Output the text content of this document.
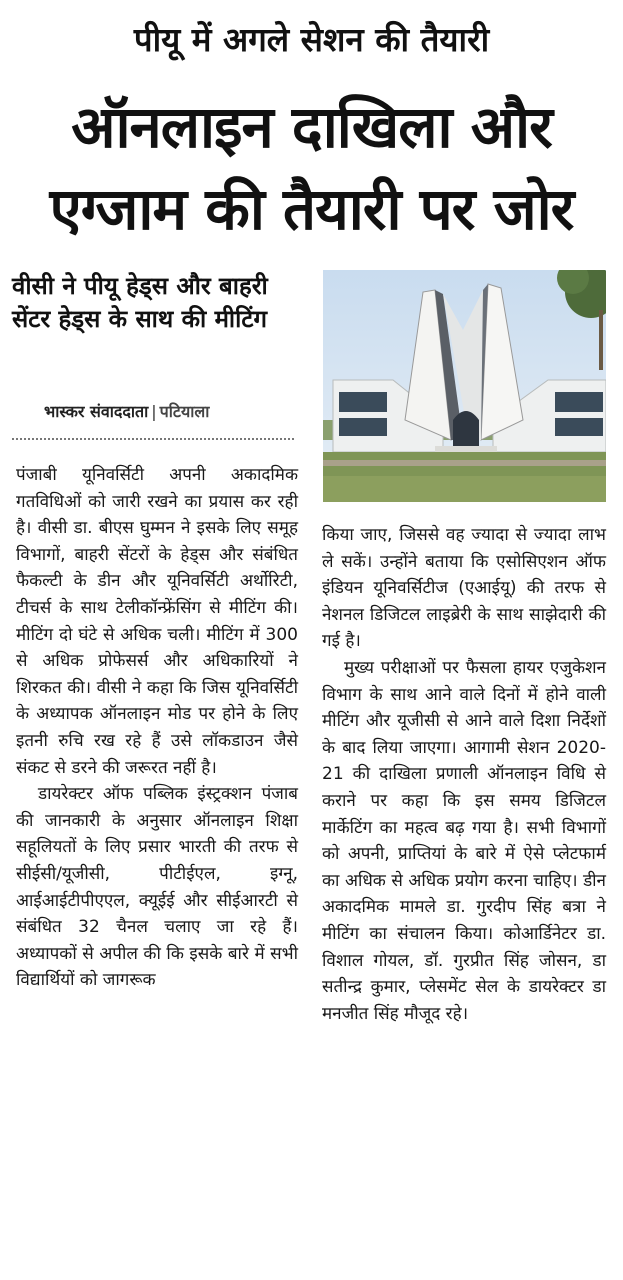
पीयू में अगले सेशन की तैयारी
ऑनलाइन दाखिला और
एग्जाम की तैयारी पर जोर
वीसी ने पीयू हेड्स और बाहरी सेंटर हेड्स के साथ की मीटिंग
भास्कर संवाददाता | पटियाला

पंजाबी यूनिवर्सिटी अपनी अकादमिक गतविधिओं को जारी रखने का प्रयास कर रही है। वीसी डा. बीएस घुम्मन ने इसके लिए समूह विभागों, बाहरी सेंटरों के हेड्स और संबंधित फैकल्टी के डीन और यूनिवर्सिटी अर्थोरिटी, टीचर्स के साथ टेलीकॉन्फ्रेंसिंग से मीटिंग की। मीटिंग दो घंटे से अधिक चली। मीटिंग में 300 से अधिक प्रोफेसर्स और अधिकारियों ने शिरकत की। वीसी ने कहा कि जिस यूनिवर्सिटी के अध्यापक ऑनलाइन मोड पर होने के लिए इतनी रुचि रख रहे हैं उसे लॉकडाउन जैसे संकट से डरने की जरूरत नहीं है।

डायरेक्टर ऑफ पब्लिक इंस्ट्रक्शन पंजाब की जानकारी के अनुसार ऑनलाइन शिक्षा सहूलियतों के लिए प्रसार भारती की तरफ से सीईसी/यूजीसी, पीटीईएल, इग्नू, आईआईटीपीएएल, क्यूईई और सीईआरटी से संबंधित 32 चैनल चलाए जा रहे हैं। अध्यापकों से अपील की कि इसके बारे में सभी विद्यार्थियों को जागरूक

किया जाए, जिससे वह ज्यादा से ज्यादा लाभ ले सकें। उन्होंने बताया कि एसोसिएशन ऑफ इंडियन यूनिवर्सिटीज (एआईयू) की तरफ से नेशनल डिजिटल लाइब्रेरी के साथ साझेदारी की गई है।

मुख्य परीक्षाओं पर फैसला हायर एजुकेशन विभाग के साथ आने वाले दिनों में होने वाली मीटिंग और यूजीसी से आने वाले दिशा निर्देशों के बाद लिया जाएगा। आगामी सेशन 2020-21 की दाखिला प्रणाली ऑनलाइन विधि से कराने पर कहा कि इस समय डिजिटल मार्केटिंग का महत्व बढ़ गया है। सभी विभागों को अपनी, प्राप्तियां के बारे में ऐसे प्लेटफार्म का अधिक से अधिक प्रयोग करना चाहिए। डीन अकादमिक मामले डा. गुरदीप सिंह बत्रा ने मीटिंग का संचालन किया। कोआर्डिनेटर डा. विशाल गोयल, डॉ. गुरप्रीत सिंह जोसन, डा सतीन्द्र कुमार, प्लेसमेंट सेल के डायरेक्टर डा मनजीत सिंह मौजूद रहे।
